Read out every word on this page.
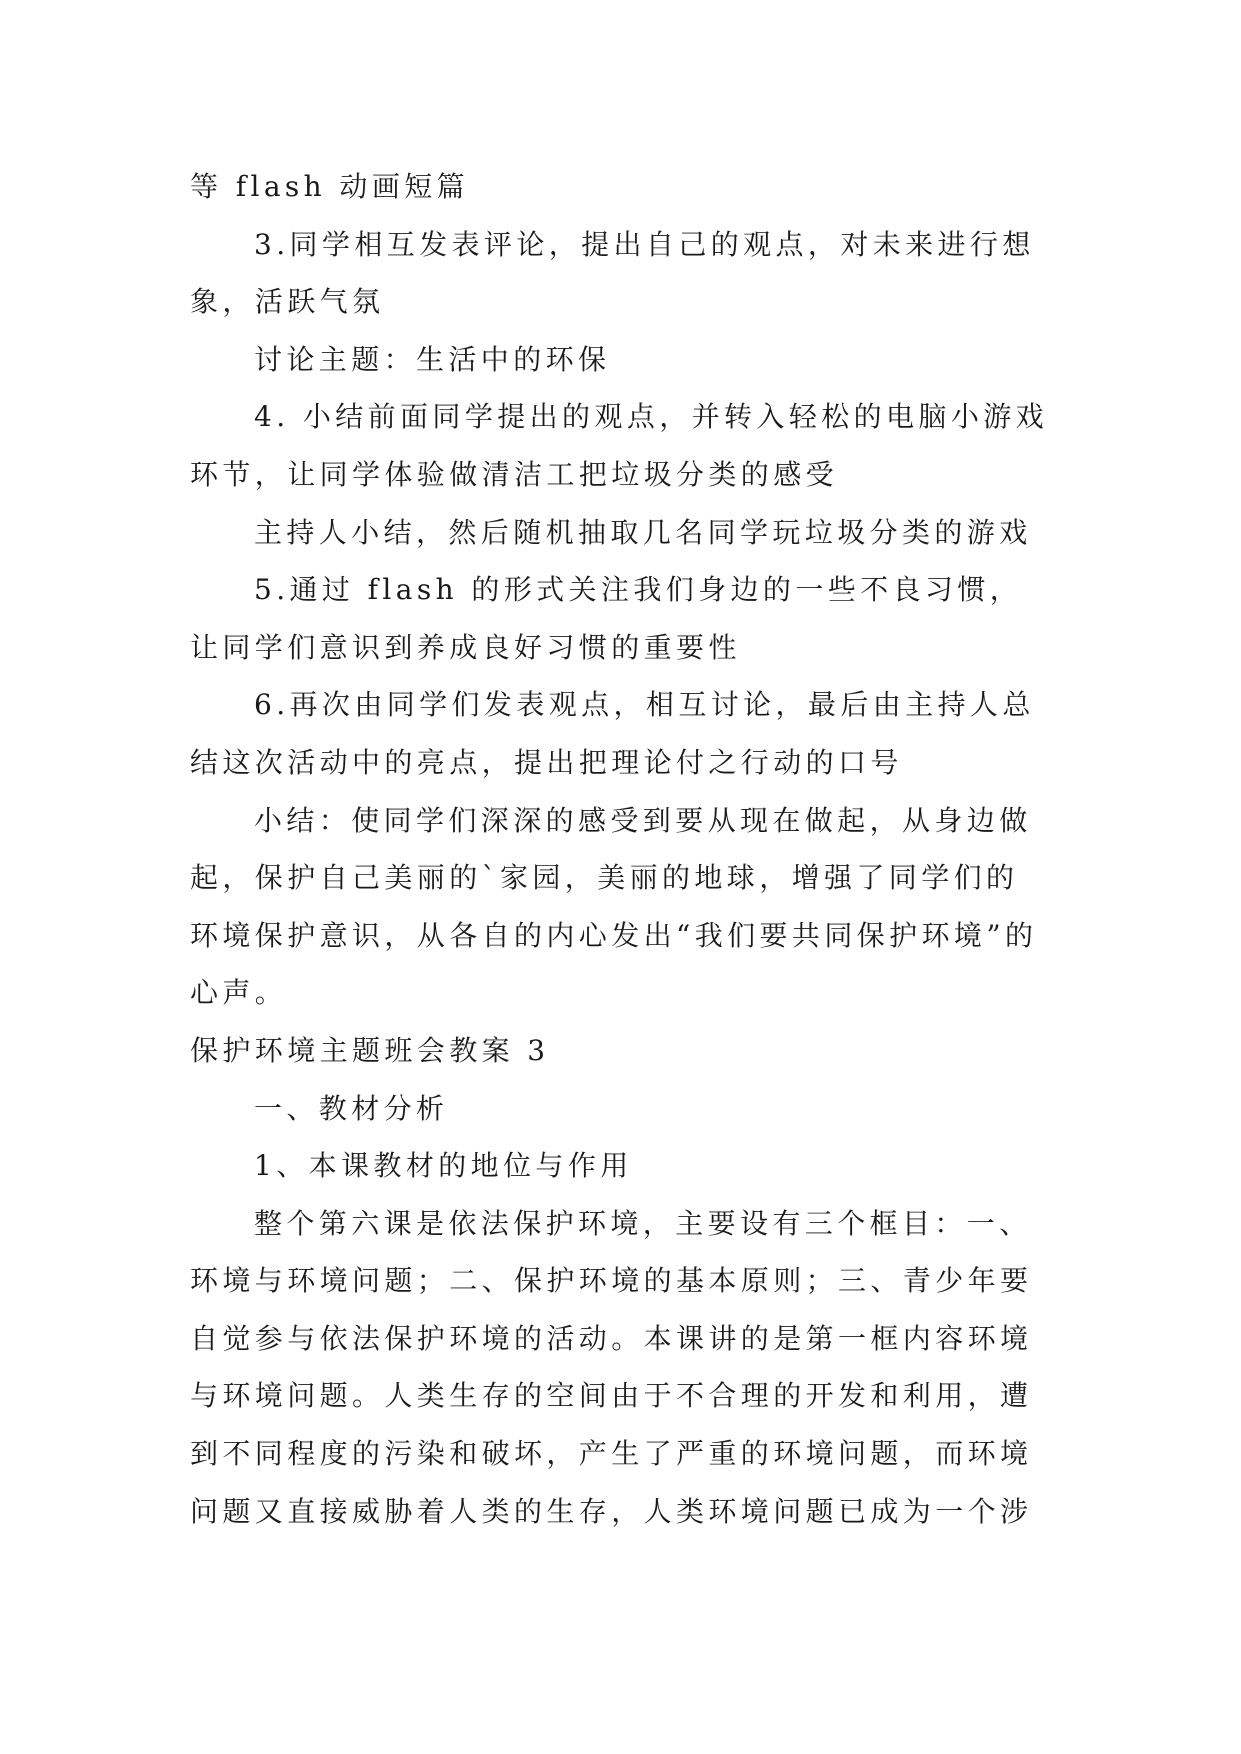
等 flash 动画短篇

3.同学相互发表评论，提出自己的观点，对未来进行想象，活跃气氛

讨论主题：生活中的环保

4. 小结前面同学提出的观点，并转入轻松的电脑小游戏环节，让同学体验做清洁工把垃圾分类的感受

主持人小结，然后随机抽取几名同学玩垃圾分类的游戏

5.通过 flash 的形式关注我们身边的一些不良习惯，让同学们意识到养成良好习惯的重要性

6.再次由同学们发表观点，相互讨论，最后由主持人总结这次活动中的亮点，提出把理论付之行动的口号

小结：使同学们深深的感受到要从现在做起，从身边做起，保护自己美丽的`家园，美丽的地球，增强了同学们的环境保护意识，从各自的内心发出“我们要共同保护环境”的心声。

保护环境主题班会教案 3

一、教材分析

1、本课教材的地位与作用

整个第六课是依法保护环境，主要设有三个框目：一、环境与环境问题；二、保护环境的基本原则；三、青少年要自觉参与依法保护环境的活动。本课讲的是第一框内容环境与环境问题。人类生存的空间由于不合理的开发和利用，遭到不同程度的污染和破坏，产生了严重的环境问题，而环境问题又直接威胁着人类的生存，人类环境问题已成为一个涉
